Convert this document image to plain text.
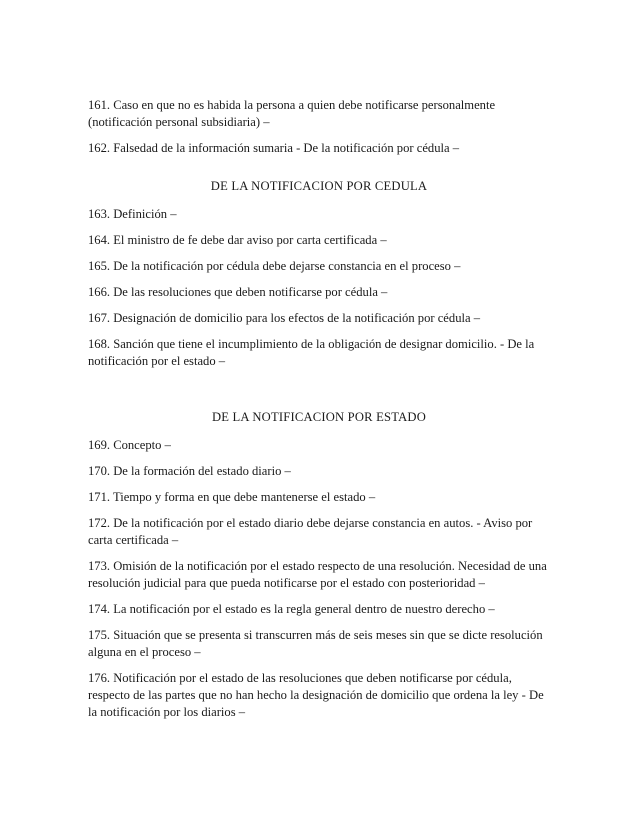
161. Caso en que no es habida la persona a quien debe notificarse personalmente (notificación personal subsidiaria) –
162. Falsedad de la información sumaria - De la notificación por cédula –
DE LA NOTIFICACION POR CEDULA
163. Definición –
164. El ministro de fe debe dar aviso por carta certificada –
165. De la notificación por cédula debe dejarse constancia en el proceso –
166. De las resoluciones que deben notificarse por cédula –
167. Designación de domicilio para los efectos de la notificación por cédula –
168. Sanción que tiene el incumplimiento de la obligación de designar domicilio. - De la notificación por el estado –
DE LA NOTIFICACION POR ESTADO
169. Concepto –
170. De la formación del estado diario –
171. Tiempo y forma en que debe mantenerse el estado –
172. De la notificación por el estado diario debe dejarse constancia en autos. - Aviso por carta certificada –
173. Omisión de la notificación por el estado respecto de una resolución. Necesidad de una resolución judicial para que pueda notificarse por el estado con posterioridad –
174. La notificación por el estado es la regla general dentro de nuestro derecho –
175. Situación que se presenta si transcurren más de seis meses sin que se dicte resolución alguna en el proceso –
176. Notificación por el estado de las resoluciones que deben notificarse por cédula, respecto de las partes que no han hecho la designación de domicilio que ordena la ley - De la notificación por los diarios –
